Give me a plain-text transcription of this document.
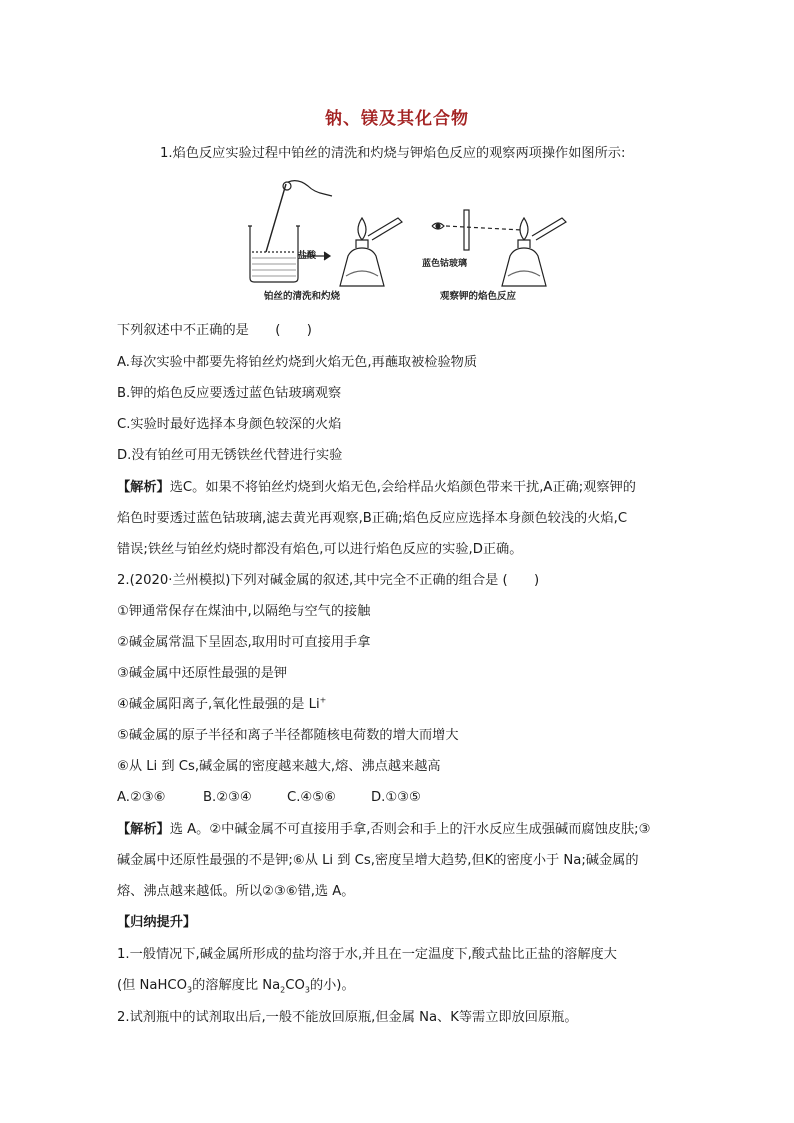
钠、镁及其化合物
1.焰色反应实验过程中铂丝的清洗和灼烧与钾焰色反应的观察两项操作如图所示:
盐酸
铂丝的清洗和灼烧
蓝色钴玻璃
观察钾的焰色反应
下列叙述中不正确的是　　(　　)
A.每次实验中都要先将铂丝灼烧到火焰无色,再蘸取被检验物质
B.钾的焰色反应要透过蓝色钴玻璃观察
C.实验时最好选择本身颜色较深的火焰
D.没有铂丝可用无锈铁丝代替进行实验
【解析】选C。如果不将铂丝灼烧到火焰无色,会给样品火焰颜色带来干扰,A正确;观察钾的
焰色时要透过蓝色钴玻璃,滤去黄光再观察,B正确;焰色反应应选择本身颜色较浅的火焰,C
错误;铁丝与铂丝灼烧时都没有焰色,可以进行焰色反应的实验,D正确。
2.(2020·兰州模拟)下列对碱金属的叙述,其中完全不正确的组合是 (　　)
①钾通常保存在煤油中,以隔绝与空气的接触
②碱金属常温下呈固态,取用时可直接用手拿
③碱金属中还原性最强的是钾
④碱金属阳离子,氧化性最强的是 Li+
⑤碱金属的原子半径和离子半径都随核电荷数的增大而增大
⑥从 Li 到 Cs,碱金属的密度越来越大,熔、沸点越来越高
A.②③⑥	B.②③④	C.④⑤⑥	D.①③⑤
【解析】选 A。②中碱金属不可直接用手拿,否则会和手上的汗水反应生成强碱而腐蚀皮肤;③
碱金属中还原性最强的不是钾;⑥从 Li 到 Cs,密度呈增大趋势,但K的密度小于 Na;碱金属的
熔、沸点越来越低。所以②③⑥错,选 A。
【归纳提升】
1.一般情况下,碱金属所形成的盐均溶于水,并且在一定温度下,酸式盐比正盐的溶解度大
(但 NaHCO$_3$的溶解度比 $Na_2CO_3$的小)。
2.试剂瓶中的试剂取出后,一般不能放回原瓶,但金属 Na、K等需立即放回原瓶。
